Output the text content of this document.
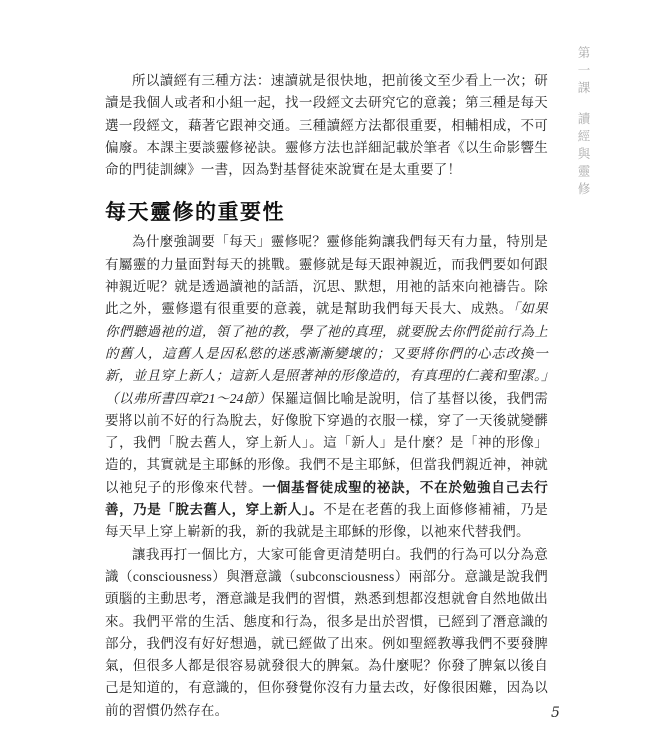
第一課
讀經與靈修

所以讀經有三種方法：速讀就是很快地，把前後文至少看上一次；研讀是我個人或者和小組一起，找一段經文去研究它的意義；第三種是每天選一段經文，藉著它跟神交通。三種讀經方法都很重要，相輔相成，不可偏廢。本課主要談靈修祕訣。靈修方法也詳細記載於筆者《以生命影響生命的門徒訓練》一書，因為對基督徒來說實在是太重要了！

每天靈修的重要性

為什麼強調要「每天」靈修呢？靈修能夠讓我們每天有力量，特別是有屬靈的力量面對每天的挑戰。靈修就是每天跟神親近，而我們要如何跟神親近呢？就是透過讀祂的話語，沉思、默想，用祂的話來向祂禱告。除此之外，靈修還有很重要的意義，就是幫助我們每天長大、成熟。「如果你們聽過祂的道，領了祂的教，學了祂的真理，就要脫去你們從前行為上的舊人，這舊人是因私慾的迷惑漸漸變壞的；又要將你們的心志改換一新，並且穿上新人；這新人是照著神的形像造的，有真理的仁義和聖潔。」（以弗所書四章21～24節）保羅這個比喻是說明，信了基督以後，我們需要將以前不好的行為脫去，好像脫下穿過的衣服一樣，穿了一天後就變髒了，我們「脫去舊人，穿上新人」。這「新人」是什麼？是「神的形像」造的，其實就是主耶穌的形像。我們不是主耶穌，但當我們親近神，神就以祂兒子的形像來代替。一個基督徒成聖的祕訣，不在於勉強自己去行善，乃是「脫去舊人，穿上新人」。不是在老舊的我上面修修補補，乃是每天早上穿上嶄新的我，新的我就是主耶穌的形像，以祂來代替我們。

讓我再打一個比方，大家可能會更清楚明白。我們的行為可以分為意識（consciousness）與潛意識（subconsciousness）兩部分。意識是說我們頭腦的主動思考，潛意識是我們的習慣，熟悉到想都沒想就會自然地做出來。我們平常的生活、態度和行為，很多是出於習慣，已經到了潛意識的部分，我們沒有好好想過，就已經做了出來。例如聖經教導我們不要發脾氣，但很多人都是很容易就發很大的脾氣。為什麼呢？你發了脾氣以後自己是知道的，有意識的，但你發覺你沒有力量去改，好像很困難，因為以前的習慣仍然存在。	5
